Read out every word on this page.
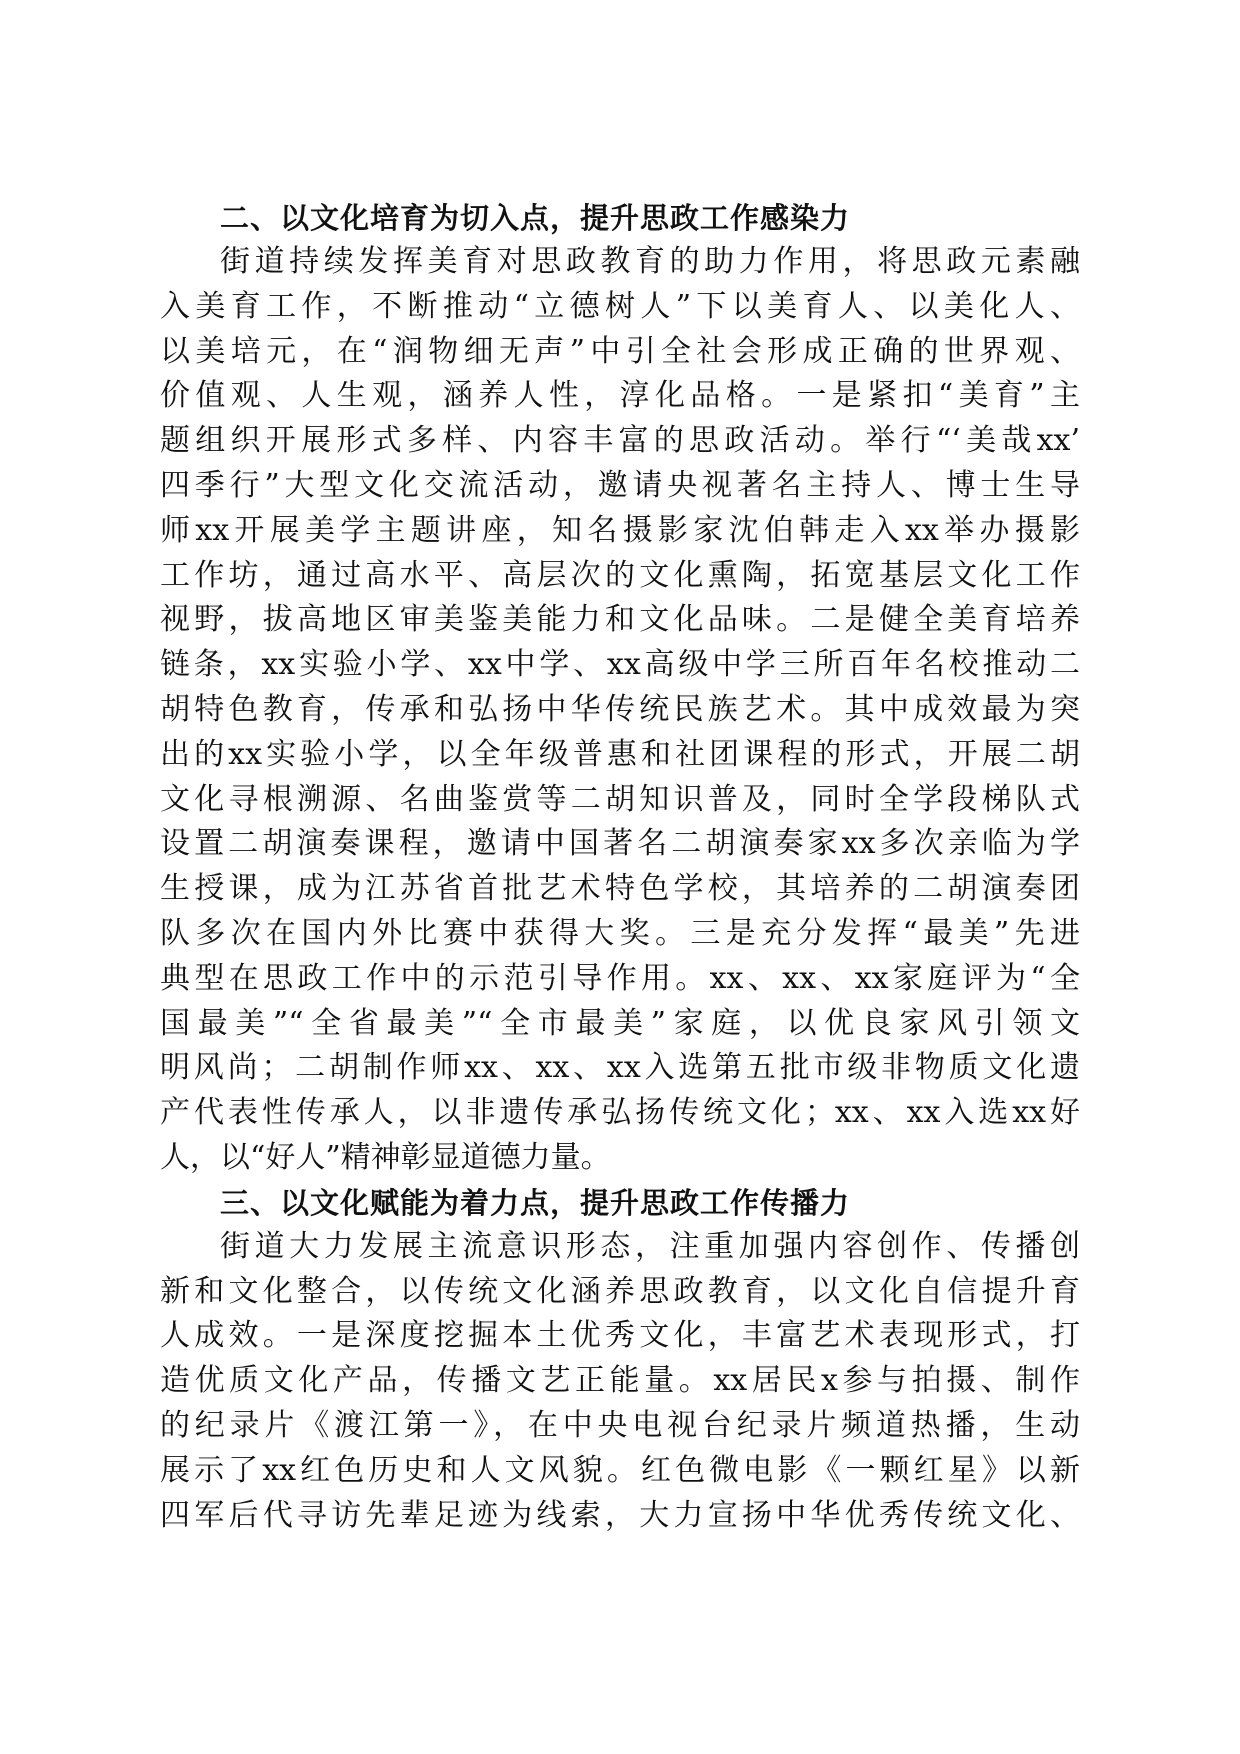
二、以文化培育为切入点，提升思政工作感染力
街道持续发挥美育对思政教育的助力作用，将思政元素融
入美育工作，不断推动“立德树人”下以美育人、以美化人、
以美培元，在“润物细无声”中引全社会形成正确的世界观、
价值观、人生观，涵养人性，淳化品格。一是紧扣“美育”主
题组织开展形式多样、内容丰富的思政活动。举行“‘美哉xx’
四季行”大型文化交流活动，邀请央视著名主持人、博士生导
师xx开展美学主题讲座，知名摄影家沈伯韩走入xx举办摄影
工作坊，通过高水平、高层次的文化熏陶，拓宽基层文化工作
视野，拔高地区审美鉴美能力和文化品味。二是健全美育培养
链条，xx实验小学、xx中学、xx高级中学三所百年名校推动二
胡特色教育，传承和弘扬中华传统民族艺术。其中成效最为突
出的xx实验小学，以全年级普惠和社团课程的形式，开展二胡
文化寻根溯源、名曲鉴赏等二胡知识普及，同时全学段梯队式
设置二胡演奏课程，邀请中国著名二胡演奏家xx多次亲临为学
生授课，成为江苏省首批艺术特色学校，其培养的二胡演奏团
队多次在国内外比赛中获得大奖。三是充分发挥“最美”先进
典型在思政工作中的示范引导作用。xx、xx、xx家庭评为“全
国最美”“全省最美”“全市最美”家庭，以优良家风引领文
明风尚；二胡制作师xx、xx、xx入选第五批市级非物质文化遗
产代表性传承人，以非遗传承弘扬传统文化；xx、xx入选xx好
人，以“好人”精神彰显道德力量。
三、以文化赋能为着力点，提升思政工作传播力
街道大力发展主流意识形态，注重加强内容创作、传播创
新和文化整合，以传统文化涵养思政教育，以文化自信提升育
人成效。一是深度挖掘本土优秀文化，丰富艺术表现形式，打
造优质文化产品，传播文艺正能量。xx居民x参与拍摄、制作
的纪录片《渡江第一》，在中央电视台纪录片频道热播，生动
展示了xx红色历史和人文风貌。红色微电影《一颗红星》以新
四军后代寻访先辈足迹为线索，大力宣扬中华优秀传统文化、
